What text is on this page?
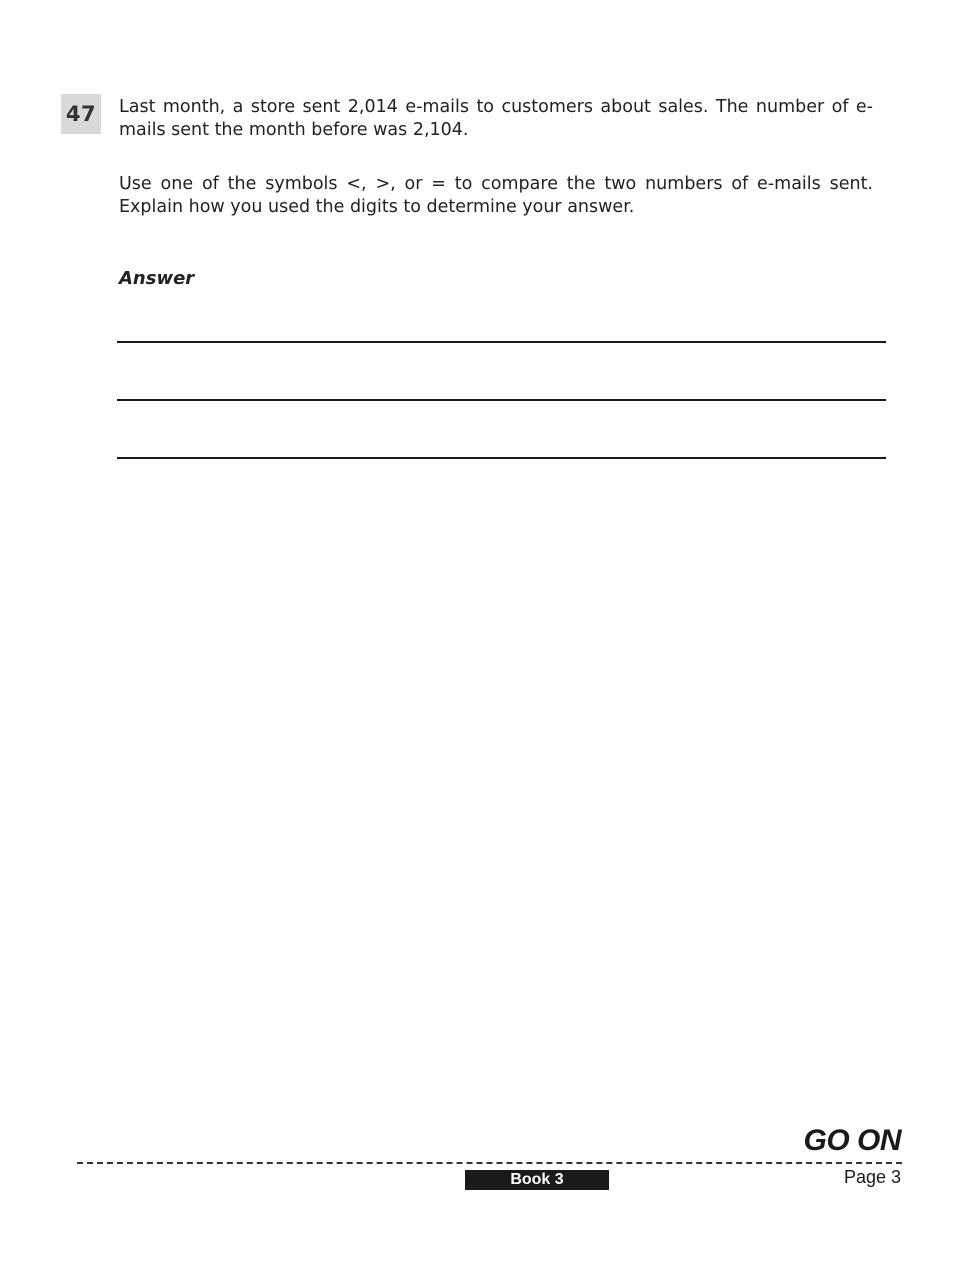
47 Last month, a store sent 2,014 e-mails to customers about sales. The number of e-mails sent the month before was 2,104.

Use one of the symbols <, >, or = to compare the two numbers of e-mails sent. Explain how you used the digits to determine your answer.

Answer
GO ON
Book 3	Page 3
